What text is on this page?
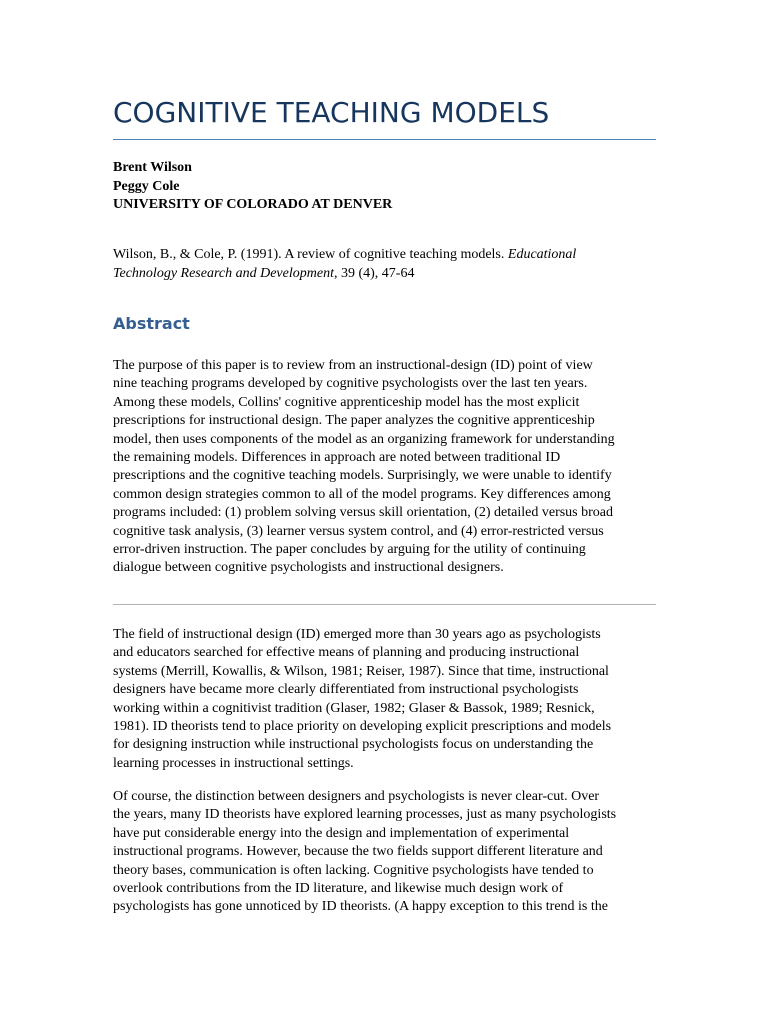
COGNITIVE TEACHING MODELS
Brent Wilson
Peggy Cole
UNIVERSITY OF COLORADO AT DENVER
Wilson, B., & Cole, P. (1991). A review of cognitive teaching models. Educational
Technology Research and Development, 39 (4), 47-64
Abstract

The purpose of this paper is to review from an instructional-design (ID) point of view
nine teaching programs developed by cognitive psychologists over the last ten years.
Among these models, Collins' cognitive apprenticeship model has the most explicit
prescriptions for instructional design. The paper analyzes the cognitive apprenticeship
model, then uses components of the model as an organizing framework for understanding
the remaining models. Differences in approach are noted between traditional ID
prescriptions and the cognitive teaching models. Surprisingly, we were unable to identify
common design strategies common to all of the model programs. Key differences among
programs included: (1) problem solving versus skill orientation, (2) detailed versus broad
cognitive task analysis, (3) learner versus system control, and (4) error-restricted versus
error-driven instruction. The paper concludes by arguing for the utility of continuing
dialogue between cognitive psychologists and instructional designers.

The field of instructional design (ID) emerged more than 30 years ago as psychologists
and educators searched for effective means of planning and producing instructional
systems (Merrill, Kowallis, & Wilson, 1981; Reiser, 1987). Since that time, instructional
designers have became more clearly differentiated from instructional psychologists
working within a cognitivist tradition (Glaser, 1982; Glaser & Bassok, 1989; Resnick,
1981). ID theorists tend to place priority on developing explicit prescriptions and models
for designing instruction while instructional psychologists focus on understanding the
learning processes in instructional settings.

Of course, the distinction between designers and psychologists is never clear-cut. Over
the years, many ID theorists have explored learning processes, just as many psychologists
have put considerable energy into the design and implementation of experimental
instructional programs. However, because the two fields support different literature and
theory bases, communication is often lacking. Cognitive psychologists have tended to
overlook contributions from the ID literature, and likewise much design work of
psychologists has gone unnoticed by ID theorists. (A happy exception to this trend is the
